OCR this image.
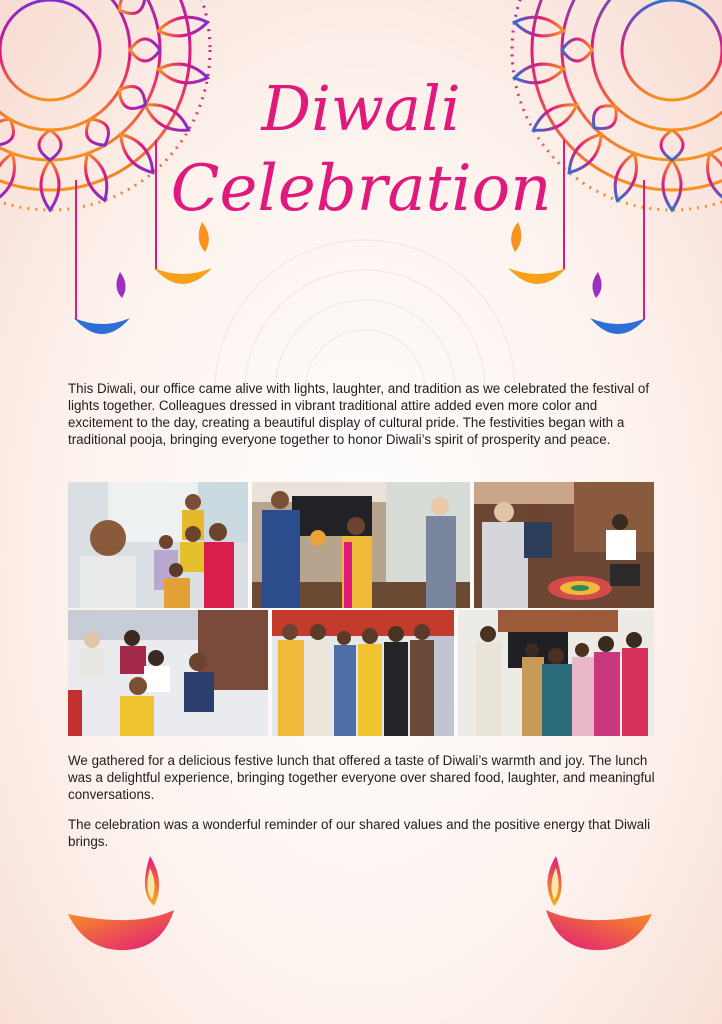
Diwali
Celebration

This Diwali, our office came alive with lights, laughter, and tradition as we celebrated the festival of lights together. Colleagues dressed in vibrant traditional attire added even more color and excitement to the day, creating a beautiful display of cultural pride. The festivities began with a traditional pooja, bringing everyone together to honor Diwali’s spirit of prosperity and peace.

We gathered for a delicious festive lunch that offered a taste of Diwali’s warmth and joy. The lunch was a delightful experience, bringing together everyone over shared food, laughter, and meaningful conversations.

The celebration was a wonderful reminder of our shared values and the positive energy that Diwali brings.
